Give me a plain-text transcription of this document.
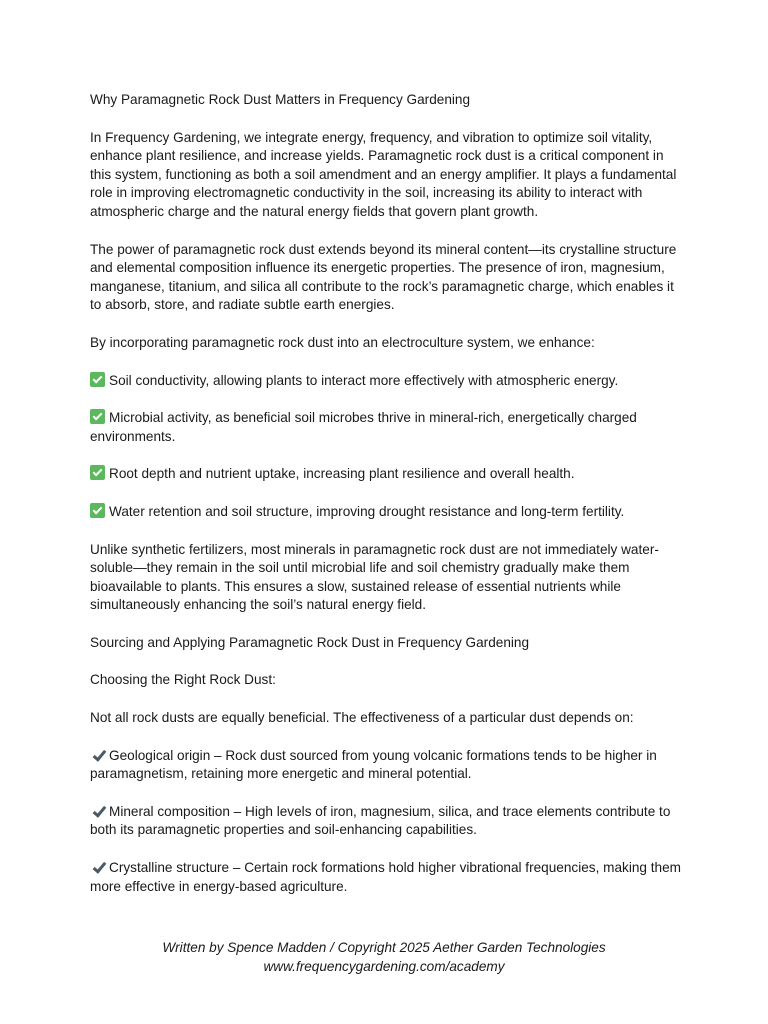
Why Paramagnetic Rock Dust Matters in Frequency Gardening
In Frequency Gardening, we integrate energy, frequency, and vibration to optimize soil vitality, enhance plant resilience, and increase yields. Paramagnetic rock dust is a critical component in this system, functioning as both a soil amendment and an energy amplifier. It plays a fundamental role in improving electromagnetic conductivity in the soil, increasing its ability to interact with atmospheric charge and the natural energy fields that govern plant growth.
The power of paramagnetic rock dust extends beyond its mineral content—its crystalline structure and elemental composition influence its energetic properties. The presence of iron, magnesium, manganese, titanium, and silica all contribute to the rock’s paramagnetic charge, which enables it to absorb, store, and radiate subtle earth energies.
By incorporating paramagnetic rock dust into an electroculture system, we enhance:
Soil conductivity, allowing plants to interact more effectively with atmospheric energy.
Microbial activity, as beneficial soil microbes thrive in mineral-rich, energetically charged environments.
Root depth and nutrient uptake, increasing plant resilience and overall health.
Water retention and soil structure, improving drought resistance and long-term fertility.
Unlike synthetic fertilizers, most minerals in paramagnetic rock dust are not immediately water-soluble—they remain in the soil until microbial life and soil chemistry gradually make them bioavailable to plants. This ensures a slow, sustained release of essential nutrients while simultaneously enhancing the soil’s natural energy field.
Sourcing and Applying Paramagnetic Rock Dust in Frequency Gardening
Choosing the Right Rock Dust:
Not all rock dusts are equally beneficial. The effectiveness of a particular dust depends on:
Geological origin – Rock dust sourced from young volcanic formations tends to be higher in paramagnetism, retaining more energetic and mineral potential.
Mineral composition – High levels of iron, magnesium, silica, and trace elements contribute to both its paramagnetic properties and soil-enhancing capabilities.
Crystalline structure – Certain rock formations hold higher vibrational frequencies, making them more effective in energy-based agriculture.
Written by Spence Madden / Copyright 2025 Aether Garden Technologies
www.frequencygardening.com/academy
